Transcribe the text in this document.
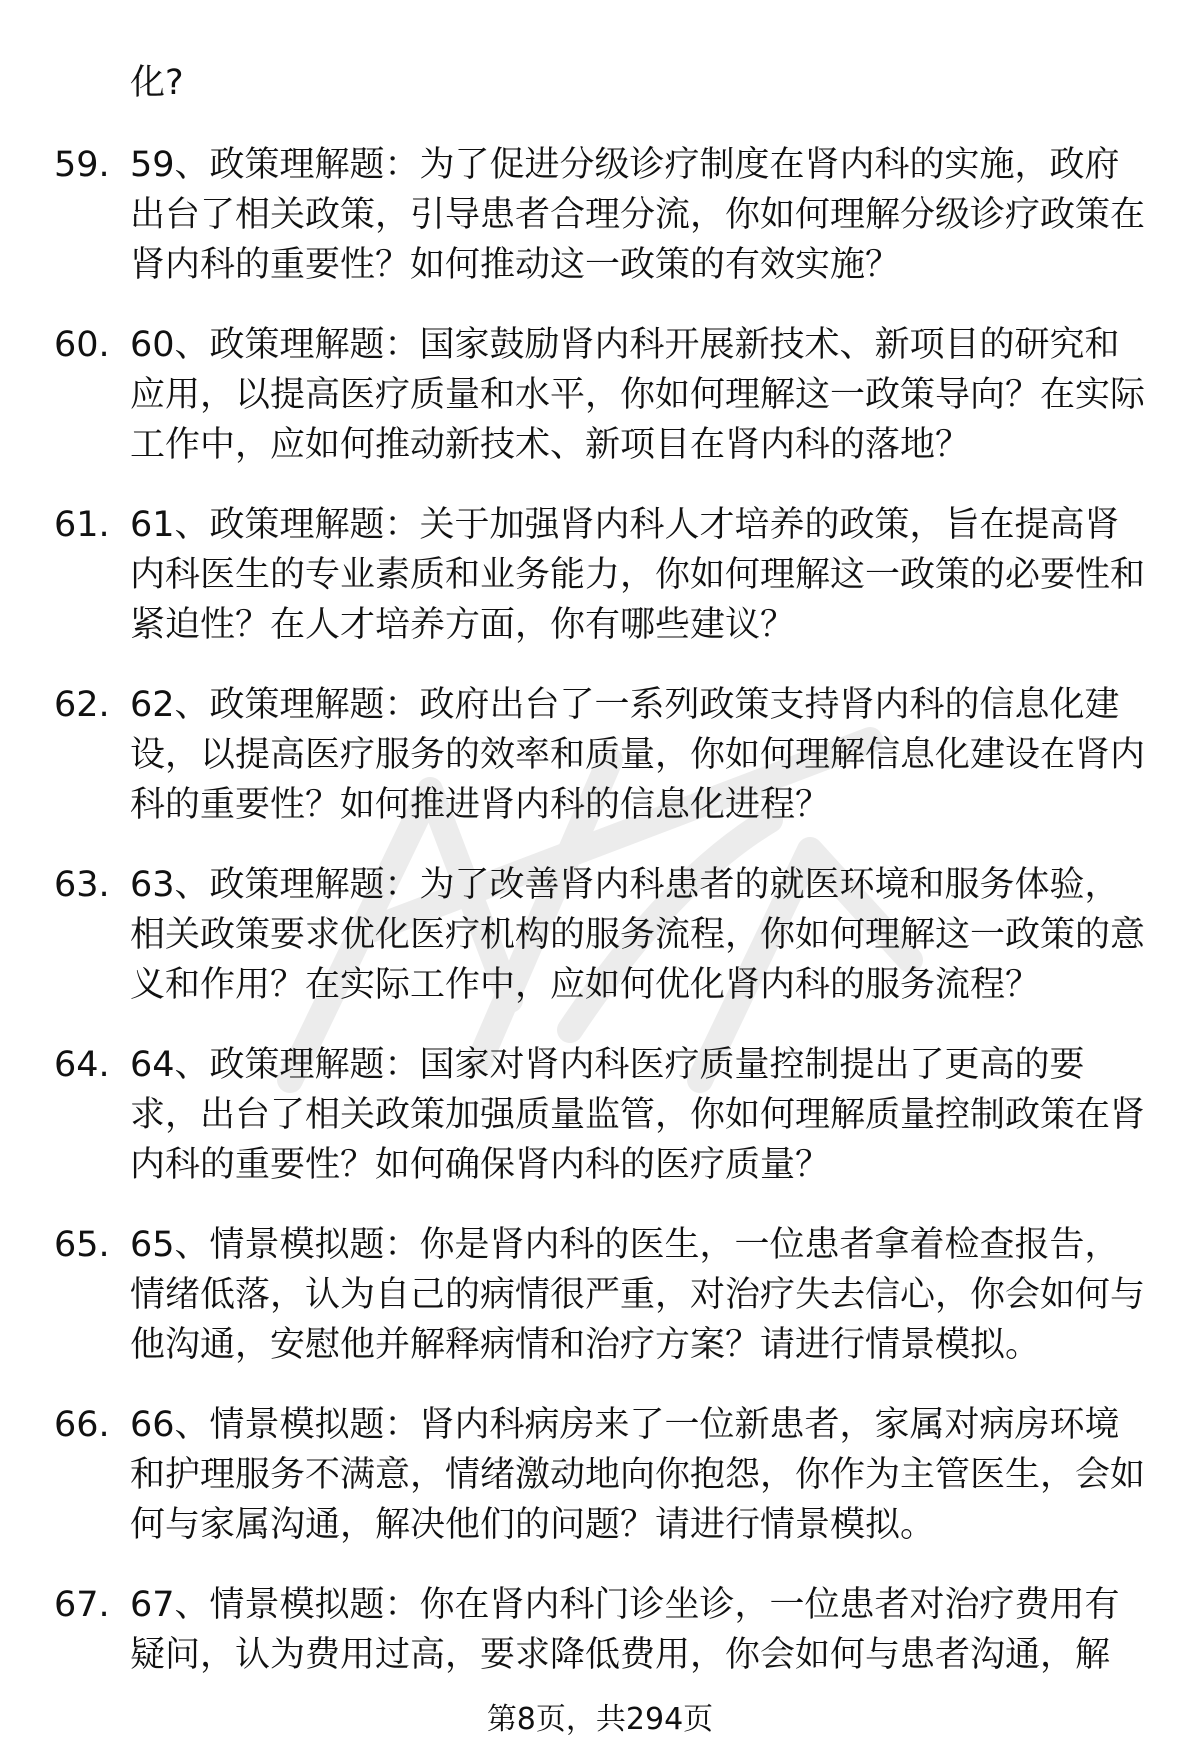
化?

59. 59、政策理解题：为了促进分级诊疗制度在肾内科的实施，政府出台了相关政策，引导患者合理分流，你如何理解分级诊疗政策在肾内科的重要性？如何推动这一政策的有效实施？

60. 60、政策理解题：国家鼓励肾内科开展新技术、新项目的研究和应用，以提高医疗质量和水平，你如何理解这一政策导向？在实际工作中，应如何推动新技术、新项目在肾内科的落地？

61. 61、政策理解题：关于加强肾内科人才培养的政策，旨在提高肾内科医生的专业素质和业务能力，你如何理解这一政策的必要性和紧迫性？在人才培养方面，你有哪些建议？

62. 62、政策理解题：政府出台了一系列政策支持肾内科的信息化建设，以提高医疗服务的效率和质量，你如何理解信息化建设在肾内科的重要性？如何推进肾内科的信息化进程？

63. 63、政策理解题：为了改善肾内科患者的就医环境和服务体验，相关政策要求优化医疗机构的服务流程，你如何理解这一政策的意义和作用？在实际工作中，应如何优化肾内科的服务流程？

64. 64、政策理解题：国家对肾内科医疗质量控制提出了更高的要求，出台了相关政策加强质量监管，你如何理解质量控制政策在肾内科的重要性？如何确保肾内科的医疗质量？

65. 65、情景模拟题：你是肾内科的医生，一位患者拿着检查报告，情绪低落，认为自己的病情很严重，对治疗失去信心，你会如何与他沟通，安慰他并解释病情和治疗方案？请进行情景模拟。

66. 66、情景模拟题：肾内科病房来了一位新患者，家属对病房环境和护理服务不满意，情绪激动地向你抱怨，你作为主管医生，会如何与家属沟通，解决他们的问题？请进行情景模拟。

67. 67、情景模拟题：你在肾内科门诊坐诊，一位患者对治疗费用有疑问，认为费用过高，要求降低费用，你会如何与患者沟通，解

第8页，共294页
